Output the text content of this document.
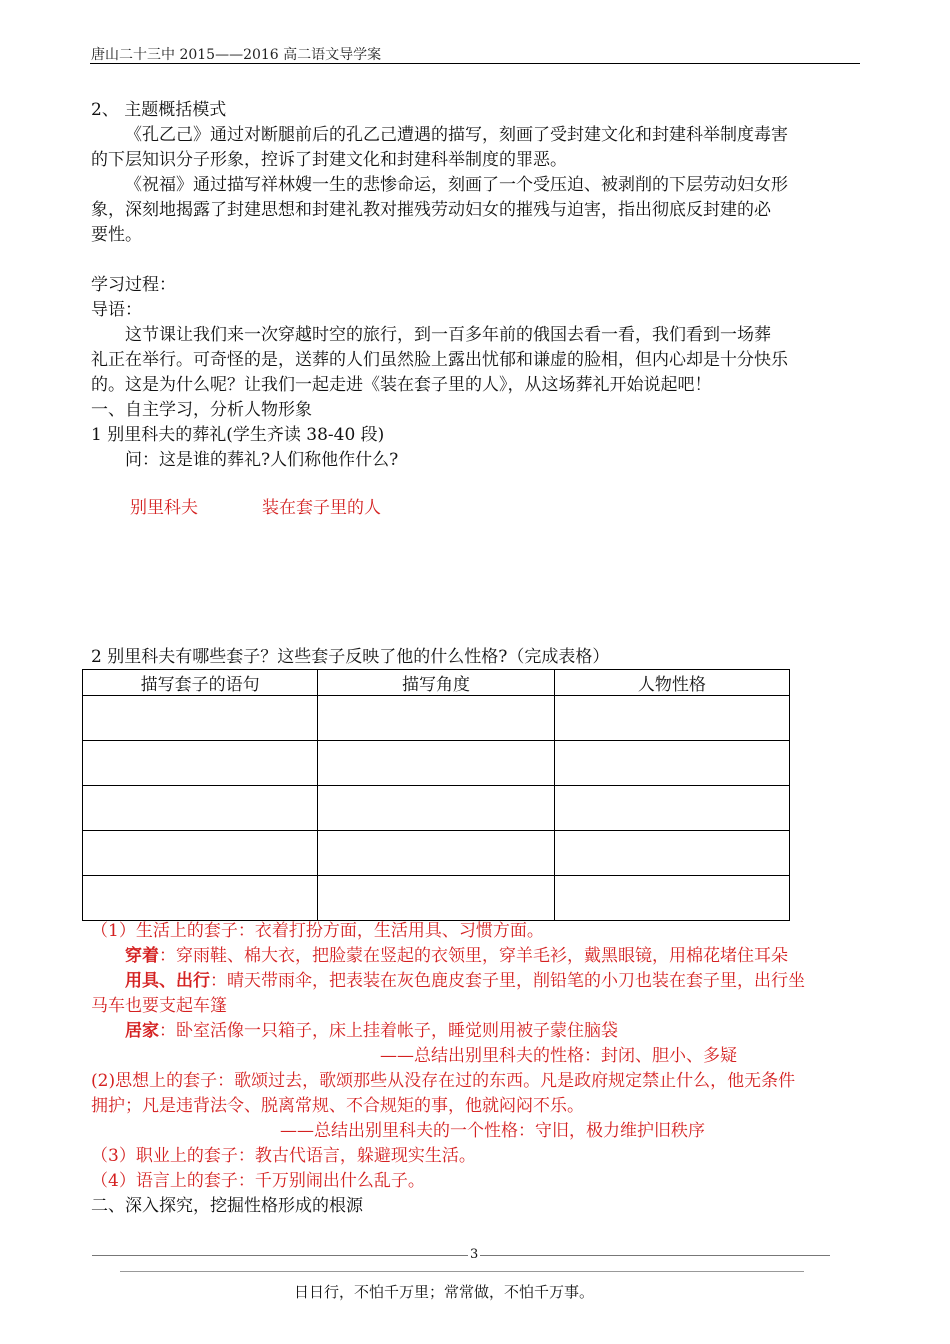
唐山二十三中 2015——2016 高二语文导学案
2、 主题概括模式
《孔乙己》通过对断腿前后的孔乙己遭遇的描写，刻画了受封建文化和封建科举制度毒害
的下层知识分子形象，控诉了封建文化和封建科举制度的罪恶。
《祝福》通过描写祥林嫂一生的悲惨命运，刻画了一个受压迫、被剥削的下层劳动妇女形
象，深刻地揭露了封建思想和封建礼教对摧残劳动妇女的摧残与迫害，指出彻底反封建的必
要性。
学习过程：
导语：
这节课让我们来一次穿越时空的旅行，到一百多年前的俄国去看一看，我们看到一场葬
礼正在举行。可奇怪的是，送葬的人们虽然脸上露出忧郁和谦虚的脸相，但内心却是十分快乐
的。这是为什么呢？让我们一起走进《装在套子里的人》，从这场葬礼开始说起吧！
一、自主学习，分析人物形象
1 别里科夫的葬礼(学生齐读 38-40 段)
问：这是谁的葬礼?人们称他作什么?
别里科夫	装在套子里的人
2 别里科夫有哪些套子？这些套子反映了他的什么性格?（完成表格）
描写套子的语句	描写角度	人物性格

（1）生活上的套子：衣着打扮方面，生活用具、习惯方面。
穿着：穿雨鞋、棉大衣，把脸蒙在竖起的衣领里，穿羊毛衫，戴黑眼镜，用棉花堵住耳朵
用具、出行：晴天带雨伞，把表装在灰色鹿皮套子里，削铅笔的小刀也装在套子里，出行坐
马车也要支起车篷
居家：卧室活像一只箱子，床上挂着帐子，睡觉则用被子蒙住脑袋
——总结出别里科夫的性格：封闭、胆小、多疑
(2)思想上的套子：歌颂过去，歌颂那些从没存在过的东西。凡是政府规定禁止什么，他无条件
拥护；凡是违背法令、脱离常规、不合规矩的事，他就闷闷不乐。
——总结出别里科夫的一个性格：守旧，极力维护旧秩序
（3）职业上的套子：教古代语言，躲避现实生活。
（4）语言上的套子：千万别闹出什么乱子。
二、深入探究，挖掘性格形成的根源
3
日日行，不怕千万里；常常做，不怕千万事。
